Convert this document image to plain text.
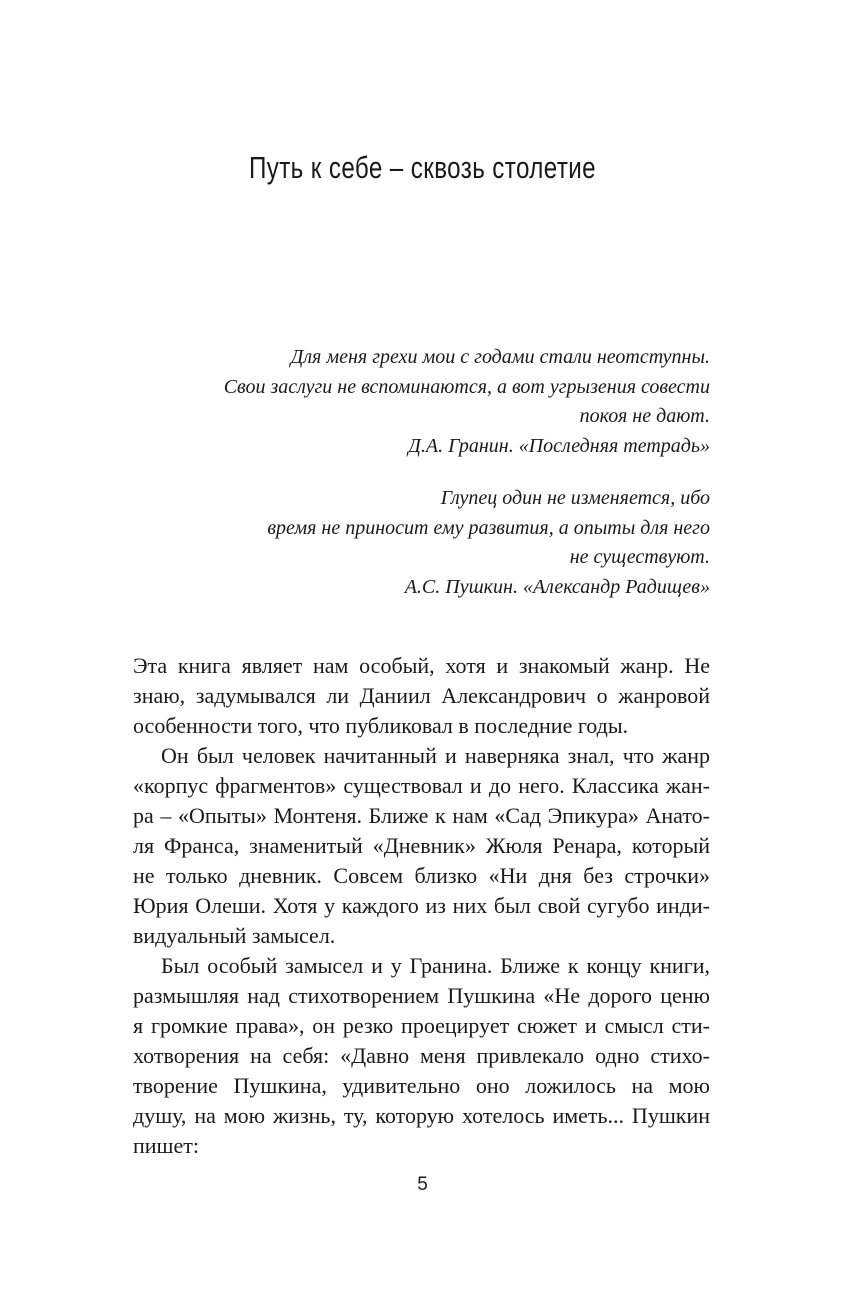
Путь к себе – сквозь столетие
Для меня грехи мои с годами стали неотступны.
Свои заслуги не вспоминаются, а вот угрызения совести
покоя не дают.
Д.А. Гранин. «Последняя тетрадь»
Глупец один не изменяется, ибо
время не приносит ему развития, а опыты для него
не существуют.
А.С. Пушкин. «Александр Радищев»
Эта книга являет нам особый, хотя и знакомый жанр. Не
знаю, задумывался ли Даниил Александрович о жанровой
особенности того, что публиковал в последние годы.
Он был человек начитанный и наверняка знал, что жанр
«корпус фрагментов» существовал и до него. Классика жан-
ра – «Опыты» Монтеня. Ближе к нам «Сад Эпикура» Анато-
ля Франса, знаменитый «Дневник» Жюля Ренара, который
не только дневник. Совсем близко «Ни дня без строчки»
Юрия Олеши. Хотя у каждого из них был свой сугубо инди-
видуальный замысел.
Был особый замысел и у Гранина. Ближе к концу книги,
размышляя над стихотворением Пушкина «Не дорого ценю
я громкие права», он резко проецирует сюжет и смысл сти-
хотворения на себя: «Давно меня привлекало одно стихо-
творение Пушкина, удивительно оно ложилось на мою
душу, на мою жизнь, ту, которую хотелось иметь... Пушкин
пишет:
5
